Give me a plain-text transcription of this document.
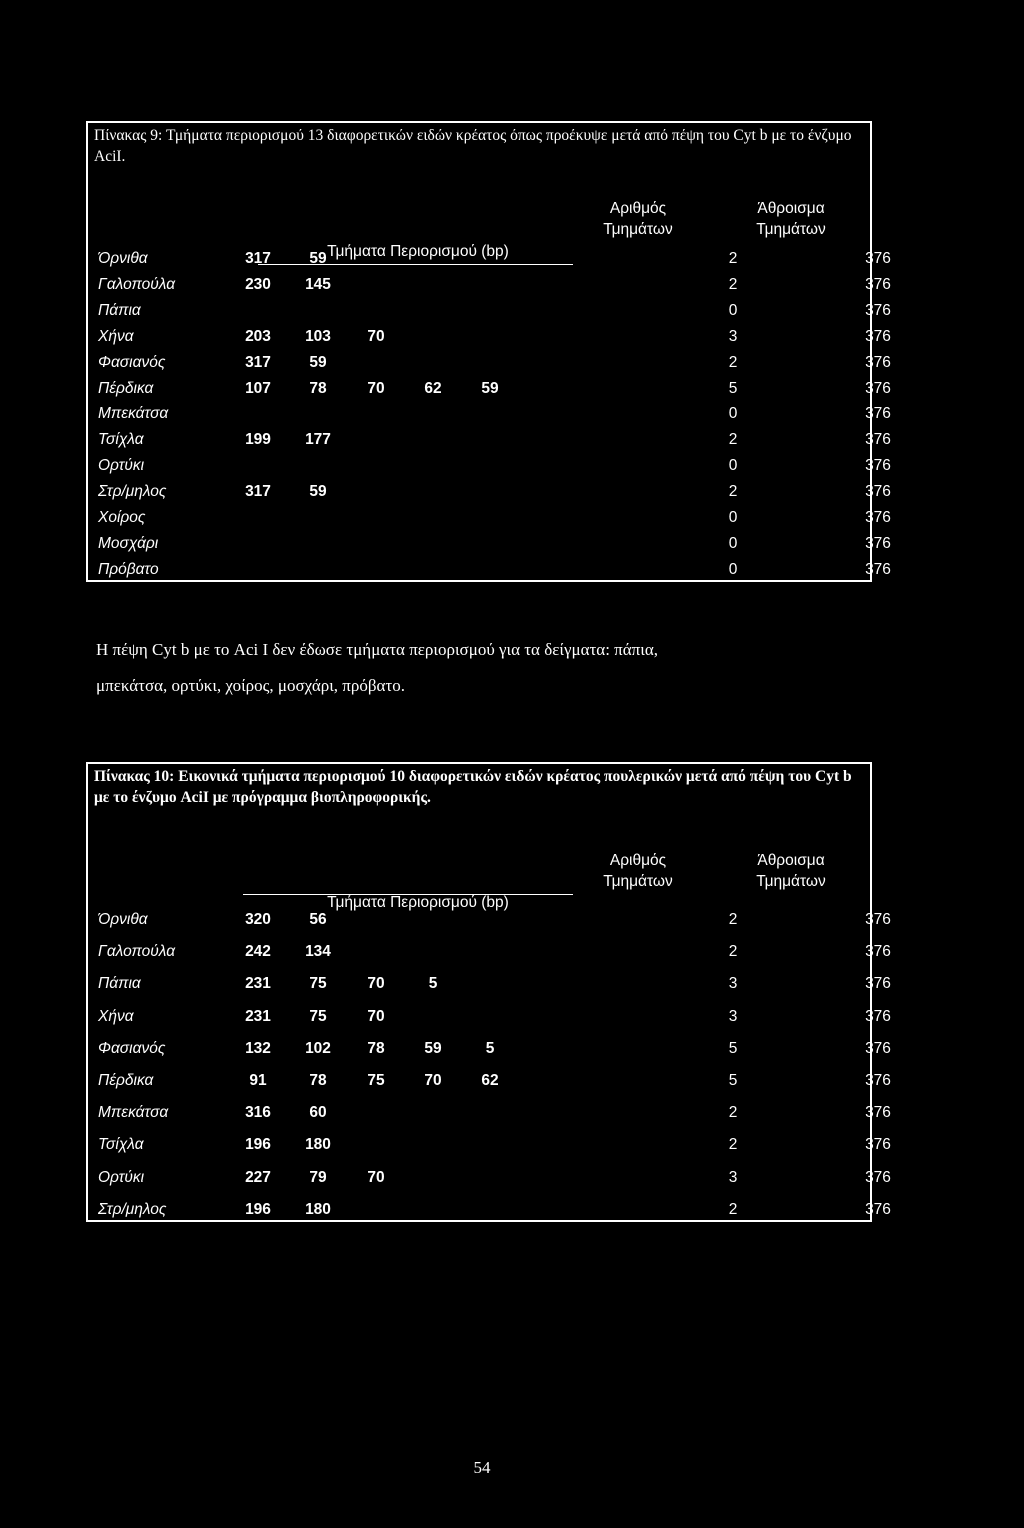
Πίνακας 9: Τμήματα περιορισμού 13 διαφορετικών ειδών κρέατος όπως προέκυψε μετά από πέψη του Cyt b με το ένζυμο AciI.

Τμήματα Περιορισμού (bp)
Αριθμός
Τμημάτων
Άθροισμα
Τμημάτων
Όρνιθα	317	59	2	376
Γαλοπούλα	230	145	2	376
Πάπια	0	376
Χήνα	203	103	70	3	376
Φασιανός	317	59	2	376
Πέρδικα	107	78	70	62	59	5	376
Μπεκάτσα	0	376
Τσίχλα	199	177	2	376
Ορτύκι	0	376
Στρ/μηλος	317	59	2	376
Χοίρος	0	376
Μοσχάρι	0	376
Πρόβατο	0	376
Η πέψη Cyt b με το Aci I δεν έδωσε τμήματα περιορισμού για τα δείγματα: πάπια,
μπεκάτσα, ορτύκι, χοίρος, μοσχάρι, πρόβατο.

Πίνακας 10: Εικονικά τμήματα περιορισμού 10 διαφορετικών ειδών κρέατος πουλερικών μετά από πέψη του Cyt b με το ένζυμο AciI με πρόγραμμα βιοπληροφορικής.

Τμήματα Περιορισμού (bp)
Αριθμός
Τμημάτων
Άθροισμα
Τμημάτων
Όρνιθα	320	56	2	376
Γαλοπούλα	242	134	2	376
Πάπια	231	75	70	5	3	376
Χήνα	231	75	70	3	376
Φασιανός	132	102	78	59	5	5	376
Πέρδικα	91	78	75	70	62	5	376
Μπεκάτσα	316	60	2	376
Τσίχλα	196	180	2	376
Ορτύκι	227	79	70	3	376
Στρ/μηλος	196	180	2	376
54
